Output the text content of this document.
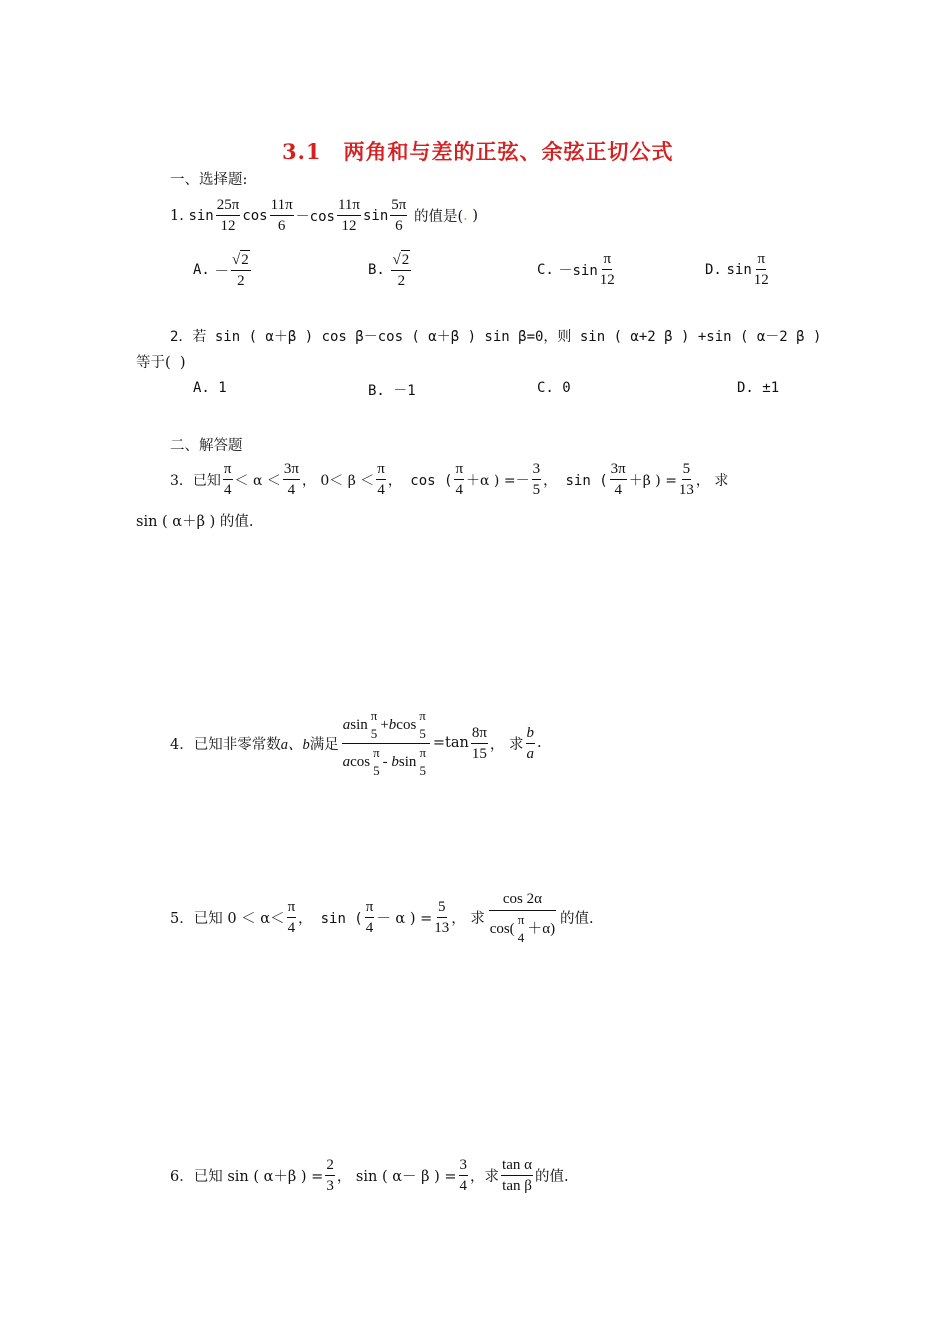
3.1　两角和与差的正弦、余弦正切公式
一、选择题:
1.
$\sin \frac{25\pi}{12}$ $\cos \frac{11\pi}{6} -\cos \frac{11\pi}{12}$ $\sin \frac{5\pi}{6}$
的值是( .
)
A.
－ $\frac{√2}{2}$	B.
$\frac{√2}{2}$	C.
$-\sin \frac{\pi}{12}$	D.
$\sin \frac{\pi}{12}$
2．若 sin ( α＋β ) cos β－cos ( α＋β ) sin β=0，则 sin ( α+2 β ) +sin ( α－2 β )
等于( )
A. 1	B. －1	C. 0	D. ±1
二、解答题
3．已知 $\frac{\pi}{4} < \alpha < \frac{3\pi}{4}$ ， $0< \beta < \frac{\pi}{4}$ ， cos ( $\frac{\pi}{4} +\alpha$ ) =－ $\frac{3}{5}$ ， sin ( $\frac{3\pi}{4} +\beta$ ) = $\frac{5}{13}$ ， 求
sin ( α＋β ) 的值.
4．已知非零常数 a、b 满足 a sin
π
5
+ b cos
π
5
a cos
π
5
-
b sin
π
$5 =\tan \frac{8\pi}{15}$ ， 求 $\frac{b}{a}$ .
5．已知 $0 < \alpha< \frac{\pi}{4}$ ， sin ( $\frac{\pi}{4} - \alpha$ ) = $\frac{5}{13}$ ， 求 cos 2α
cos(
π
4
＋α) 的值.
6．已知 sin ( α＋β ) = $\frac{2}{3}$ ， sin ( α－ β ) = $\frac{3}{4}$ ，求 $\frac{\text{tan α}}{\text{tan β}}$ 的值.
